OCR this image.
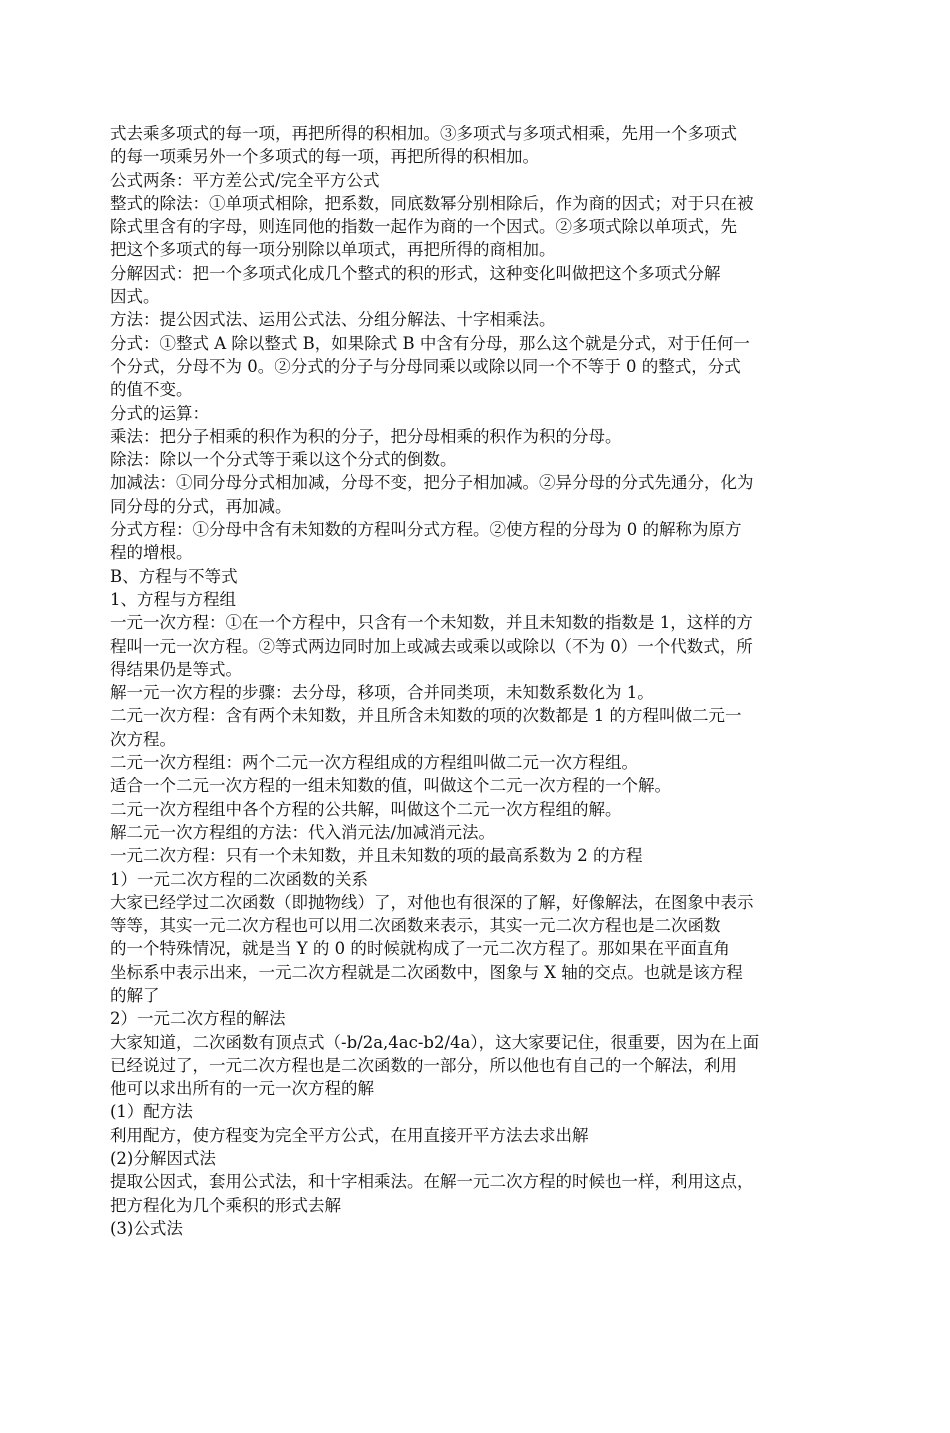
式去乘多项式的每一项，再把所得的积相加。③多项式与多项式相乘，先用一个多项式
的每一项乘另外一个多项式的每一项，再把所得的积相加。
公式两条：平方差公式/完全平方公式
整式的除法：①单项式相除，把系数，同底数幂分别相除后，作为商的因式；对于只在被
除式里含有的字母，则连同他的指数一起作为商的一个因式。②多项式除以单项式，先
把这个多项式的每一项分别除以单项式，再把所得的商相加。
分解因式：把一个多项式化成几个整式的积的形式，这种变化叫做把这个多项式分解
因式。
方法：提公因式法、运用公式法、分组分解法、十字相乘法。
分式：①整式 A 除以整式 B，如果除式 B 中含有分母，那么这个就是分式，对于任何一
个分式，分母不为 0。②分式的分子与分母同乘以或除以同一个不等于 0 的整式，分式
的值不变。
分式的运算：
乘法：把分子相乘的积作为积的分子，把分母相乘的积作为积的分母。
除法：除以一个分式等于乘以这个分式的倒数。
加减法：①同分母分式相加减，分母不变，把分子相加减。②异分母的分式先通分，化为
同分母的分式，再加减。
分式方程：①分母中含有未知数的方程叫分式方程。②使方程的分母为 0 的解称为原方
程的增根。
B、方程与不等式
1、方程与方程组
一元一次方程：①在一个方程中，只含有一个未知数，并且未知数的指数是 1，这样的方
程叫一元一次方程。②等式两边同时加上或减去或乘以或除以（不为 0）一个代数式，所
得结果仍是等式。
解一元一次方程的步骤：去分母，移项，合并同类项，未知数系数化为 1。
二元一次方程：含有两个未知数，并且所含未知数的项的次数都是 1 的方程叫做二元一
次方程。
二元一次方程组：两个二元一次方程组成的方程组叫做二元一次方程组。
适合一个二元一次方程的一组未知数的值，叫做这个二元一次方程的一个解。
二元一次方程组中各个方程的公共解，叫做这个二元一次方程组的解。
解二元一次方程组的方法：代入消元法/加减消元法。
一元二次方程：只有一个未知数，并且未知数的项的最高系数为 2 的方程
1）一元二次方程的二次函数的关系
大家已经学过二次函数（即抛物线）了，对他也有很深的了解，好像解法，在图象中表示
等等，其实一元二次方程也可以用二次函数来表示，其实一元二次方程也是二次函数
的一个特殊情况，就是当 Y 的 0 的时候就构成了一元二次方程了。那如果在平面直角
坐标系中表示出来，一元二次方程就是二次函数中，图象与 X 轴的交点。也就是该方程
的解了
2）一元二次方程的解法
大家知道，二次函数有顶点式（-b/2a,4ac-b2/4a），这大家要记住，很重要，因为在上面
已经说过了，一元二次方程也是二次函数的一部分，所以他也有自己的一个解法，利用
他可以求出所有的一元一次方程的解
(1）配方法
利用配方，使方程变为完全平方公式，在用直接开平方法去求出解
(2)分解因式法
提取公因式，套用公式法，和十字相乘法。在解一元二次方程的时候也一样，利用这点，
把方程化为几个乘积的形式去解
(3)公式法
